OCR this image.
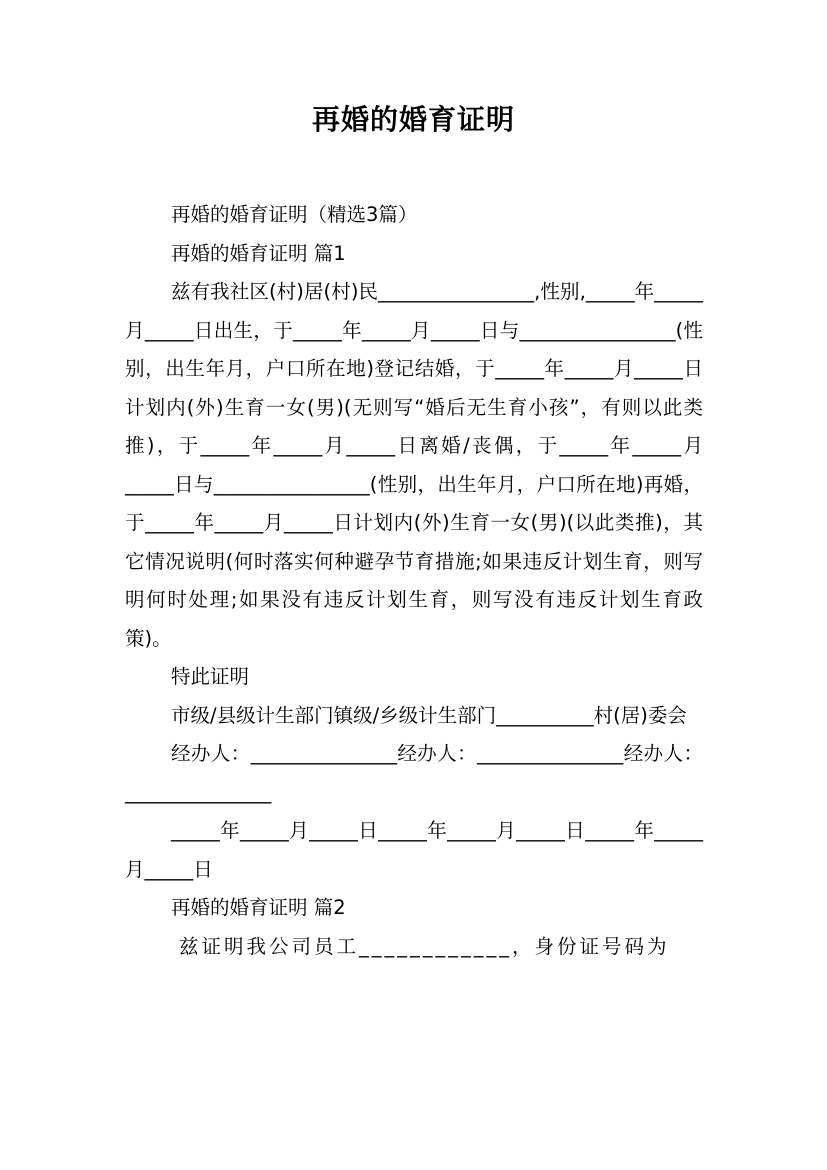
再婚的婚育证明

再婚的婚育证明（精选3篇）

再婚的婚育证明 篇1

兹有我社区(村)居(村)民________________,性别,_____年_____月_____日出生，于_____年_____月_____日与________________(性别，出生年月，户口所在地)登记结婚，于_____年_____月_____日计划内(外)生育一女(男)(无则写“婚后无生育小孩”，有则以此类推)，于_____年_____月_____日离婚/丧偶，于_____年_____月_____日与________________(性别，出生年月，户口所在地)再婚，于_____年_____月_____日计划内(外)生育一女(男)(以此类推)，其它情况说明(何时落实何种避孕节育措施;如果违反计划生育，则写明何时处理;如果没有违反计划生育，则写没有违反计划生育政策)。

特此证明

市级/县级计生部门镇级/乡级计生部门__________村(居)委会

经办人：_______________经办人：_______________经办人：_______________

_____年_____月_____日_____年_____月_____日_____年_____月_____日

再婚的婚育证明 篇2

兹证明我公司员工____________，身份证号码为
